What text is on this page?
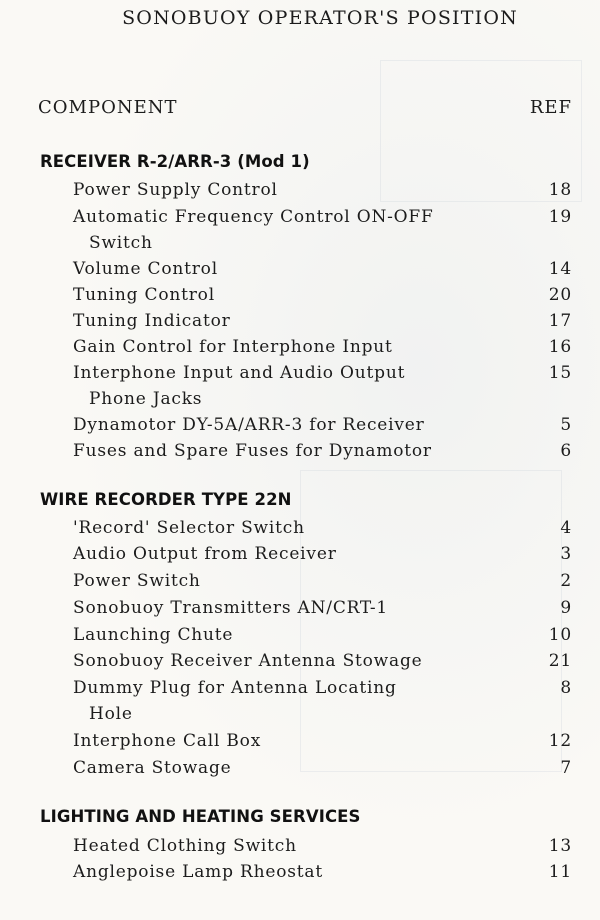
SONOBUOY OPERATOR'S POSITION
COMPONENT	REF
RECEIVER R-2/ARR-3 (Mod 1)
Power Supply Control	18
Automatic Frequency Control ON-OFF	19
Switch
Volume Control	14
Tuning Control	20
Tuning Indicator	17
Gain Control for Interphone Input	16
Interphone Input and Audio Output	15
Phone Jacks
Dynamotor DY-5A/ARR-3 for Receiver	5
Fuses and Spare Fuses for Dynamotor	6
WIRE RECORDER TYPE 22N
'Record' Selector Switch	4
Audio Output from Receiver	3
Power Switch	2
Sonobuoy Transmitters AN/CRT-1	9
Launching Chute	10
Sonobuoy Receiver Antenna Stowage	21
Dummy Plug for Antenna Locating	8
Hole
Interphone Call Box	12
Camera Stowage	7
LIGHTING AND HEATING SERVICES
Heated Clothing Switch	13
Anglepoise Lamp Rheostat	11
